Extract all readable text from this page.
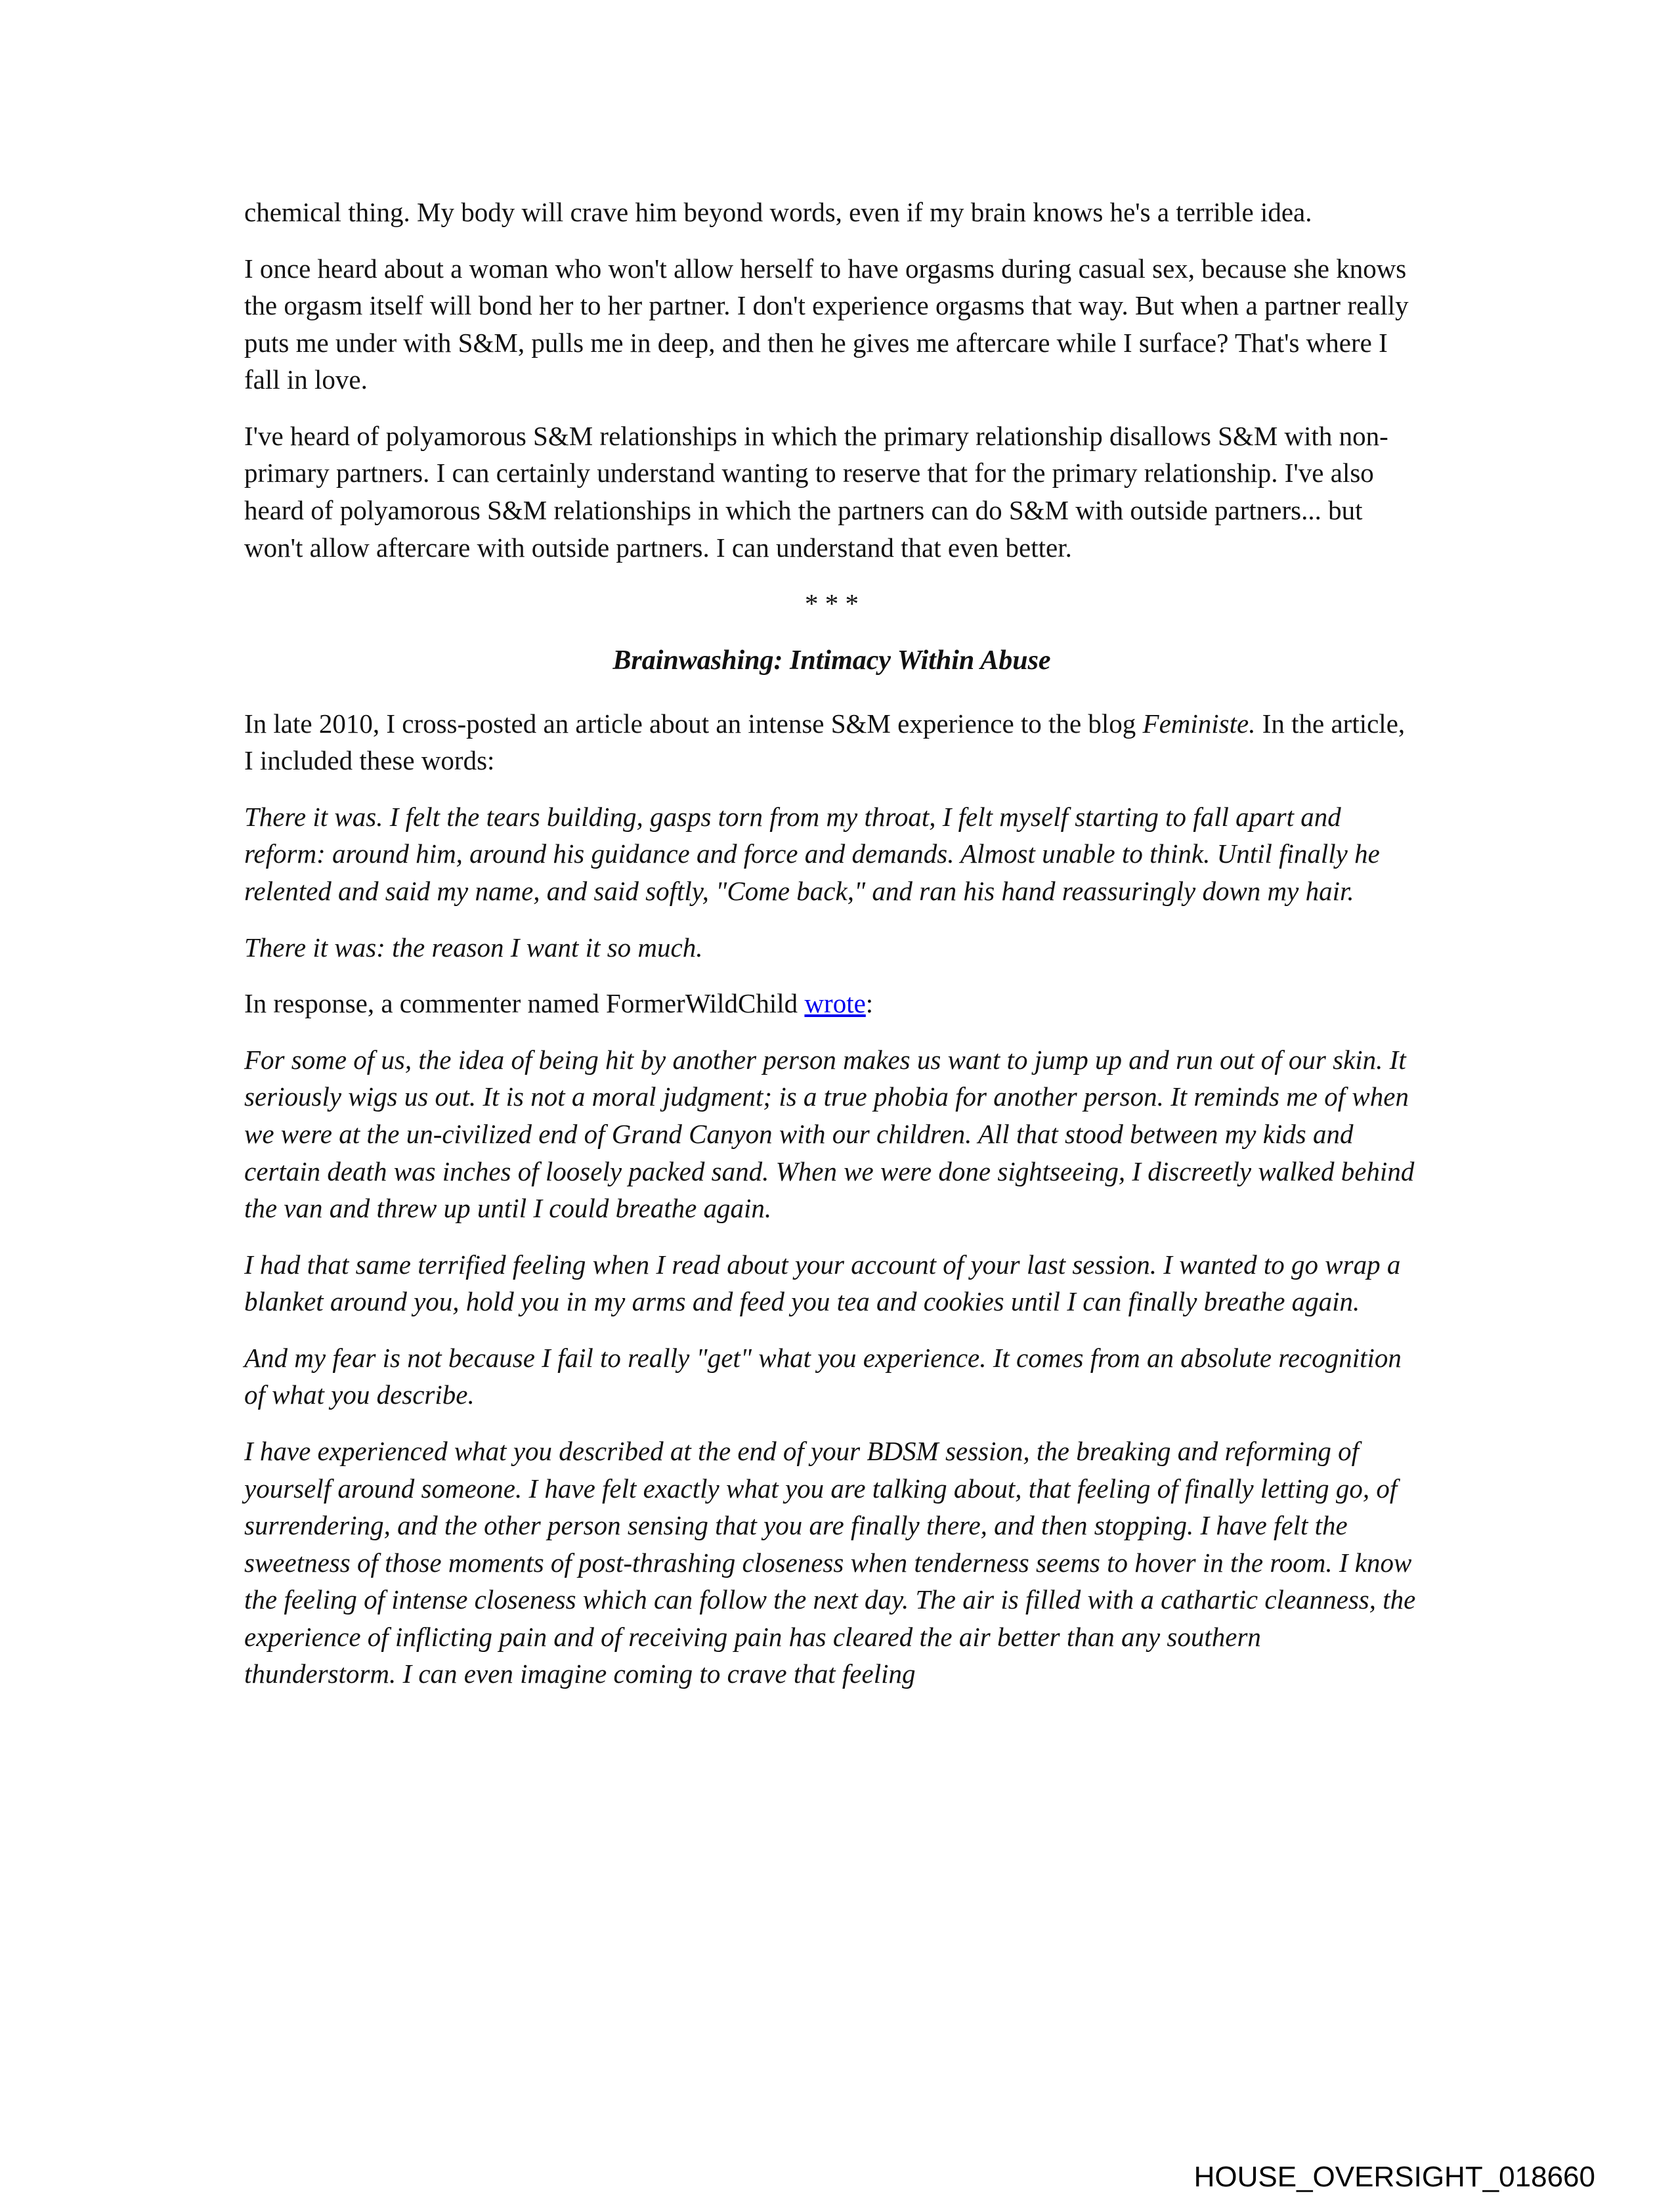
chemical thing. My body will crave him beyond words, even if my brain knows he's a terrible idea.

I once heard about a woman who won't allow herself to have orgasms during casual sex, because she knows the orgasm itself will bond her to her partner. I don't experience orgasms that way. But when a partner really puts me under with S&M, pulls me in deep, and then he gives me aftercare while I surface? That's where I fall in love.

I've heard of polyamorous S&M relationships in which the primary relationship disallows S&M with non-primary partners. I can certainly understand wanting to reserve that for the primary relationship. I've also heard of polyamorous S&M relationships in which the partners can do S&M with outside partners... but won't allow aftercare with outside partners. I can understand that even better.

* * *

Brainwashing: Intimacy Within Abuse

In late 2010, I cross-posted an article about an intense S&M experience to the blog Feministe. In the article, I included these words:

There it was. I felt the tears building, gasps torn from my throat, I felt myself starting to fall apart and reform: around him, around his guidance and force and demands. Almost unable to think. Until finally he relented and said my name, and said softly, "Come back," and ran his hand reassuringly down my hair.

There it was: the reason I want it so much.

In response, a commenter named FormerWildChild wrote:

For some of us, the idea of being hit by another person makes us want to jump up and run out of our skin. It seriously wigs us out. It is not a moral judgment; is a true phobia for another person. It reminds me of when we were at the un-civilized end of Grand Canyon with our children. All that stood between my kids and certain death was inches of loosely packed sand. When we were done sightseeing, I discreetly walked behind the van and threw up until I could breathe again.

I had that same terrified feeling when I read about your account of your last session. I wanted to go wrap a blanket around you, hold you in my arms and feed you tea and cookies until I can finally breathe again.

And my fear is not because I fail to really "get" what you experience. It comes from an absolute recognition of what you describe.

I have experienced what you described at the end of your BDSM session, the breaking and reforming of yourself around someone. I have felt exactly what you are talking about, that feeling of finally letting go, of surrendering, and the other person sensing that you are finally there, and then stopping. I have felt the sweetness of those moments of post-thrashing closeness when tenderness seems to hover in the room. I know the feeling of intense closeness which can follow the next day. The air is filled with a cathartic cleanness, the experience of inflicting pain and of receiving pain has cleared the air better than any southern thunderstorm. I can even imagine coming to crave that feeling

HOUSE_OVERSIGHT_018660
